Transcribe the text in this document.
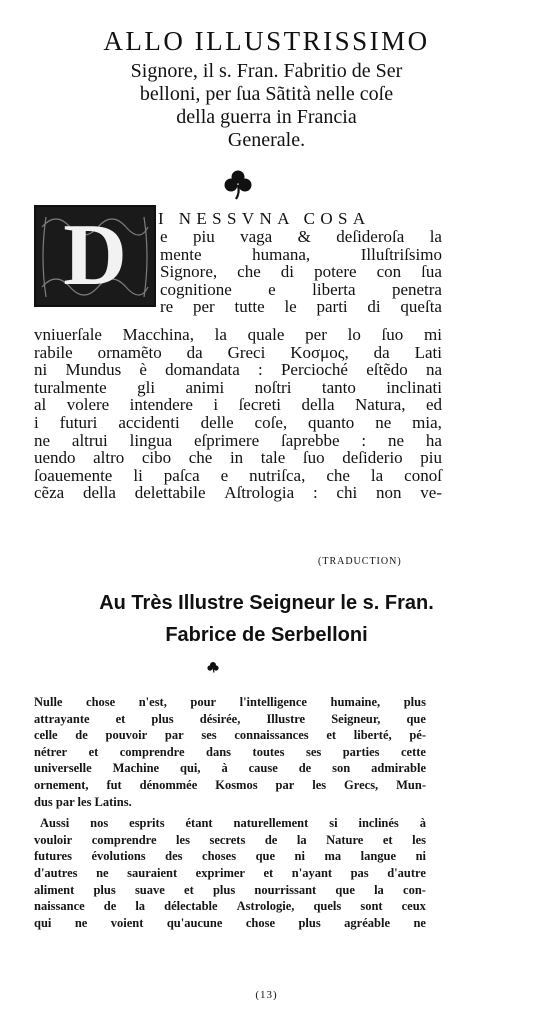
ALLO ILLUSTRISSIMO
Signore, il s. Fran. Fabritio de Ser
belloni, per ſua Sãtità nelle coſe
della guerra in Francia
Generale.
D	I NESSVNA COSA
e piu vaga & deſideroſa la
mente	humana,	Illuſtriſsimo
Signore, che di potere con ſua
cognitione e liberta penetra
re per tutte le parti di queſta
vniuerſale Macchina, la quale per lo ſuo mi
rabile ornamẽto da Greci Κοσμος, da Lati
ni Mundus è domandata : Percioché eſtẽdo na
turalmente gli animi noſtri tanto inclinati
al volere intendere i ſecreti della Natura, ed
i futuri accidenti delle coſe, quanto ne mia,
ne altrui lingua eſprimere ſaprebbe : ne ha
uendo altro cibo che in tale ſuo deſiderio piu
ſoauemente li paſca e nutriſca, che la conoſ
cẽza della delettabile Aſtrologia : chi non ve-
(TRADUCTION)
Au Très Illustre Seigneur le s. Fran.
Fabrice de Serbelloni
Nulle chose n'est, pour l'intelligence humaine, plus
attrayante et plus désirée, Illustre Seigneur, que
celle de pouvoir par ses connaissances et liberté, pé-
nétrer et comprendre dans toutes ses parties cette
universelle Machine qui, à cause de son admirable
ornement, fut dénommée Kosmos par les Grecs, Mun-
dus par les Latins.
Aussi nos esprits étant naturellement si inclinés à
vouloir comprendre les secrets de la Nature et les
futures évolutions des choses que ni ma langue ni
d'autres ne sauraient exprimer et n'ayant pas d'autre
aliment plus suave et plus nourrissant que la con-
naissance de la délectable Astrologie, quels sont ceux
qui ne voient qu'aucune chose plus agréable ne
(13)
